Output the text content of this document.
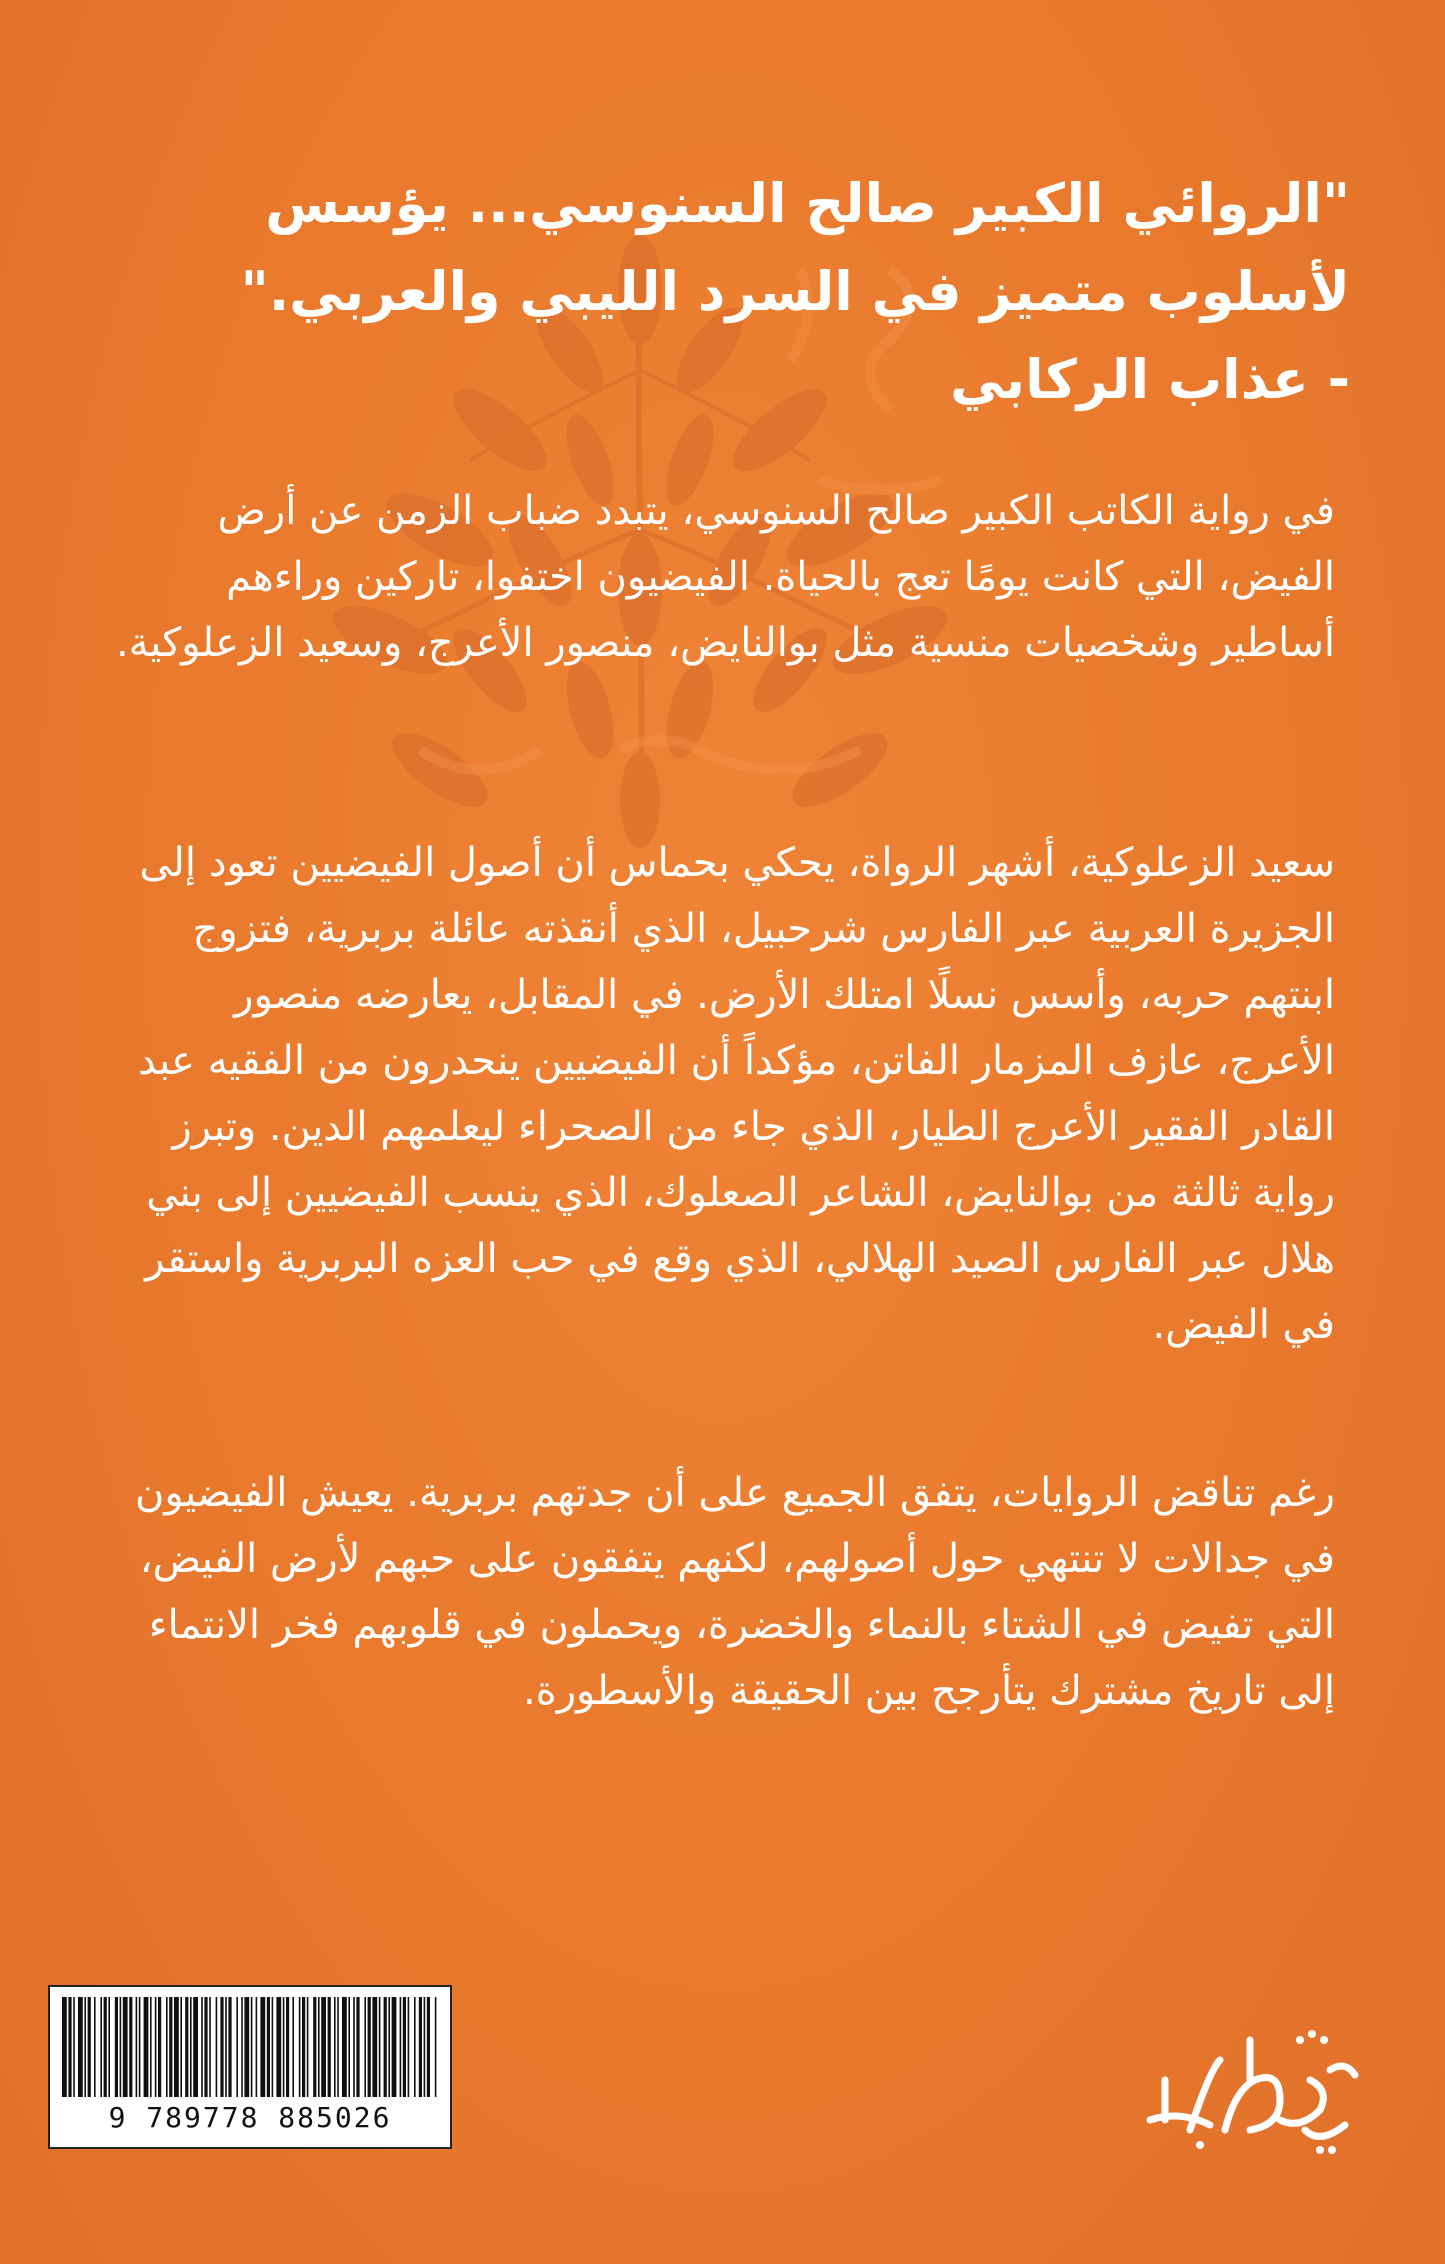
"الروائي الكبير صالح السنوسي... يؤسس لأسلوب متميز في السرد الليبي والعربي." - عذاب الركابي
في رواية الكاتب الكبير صالح السنوسي، يتبدد ضباب الزمن عن أرض الفيض، التي كانت يومًا تعج بالحياة. الفيضيون اختفوا، تاركين وراءهم أساطير وشخصيات منسية مثل بوالنايض، منصور الأعرج، وسعيد الزعلوكية.
سعيد الزعلوكية، أشهر الرواة، يحكي بحماس أن أصول الفيضيين تعود إلى الجزيرة العربية عبر الفارس شرحبيل، الذي أنقذته عائلة بربرية، فتزوج ابنتهم حربه، وأسس نسلًا امتلك الأرض. في المقابل، يعارضه منصور الأعرج، عازف المزمار الفاتن، مؤكداً أن الفيضيين ينحدرون من الفقيه عبد القادر الفقير الأعرج الطيار، الذي جاء من الصحراء ليعلمهم الدين. وتبرز رواية ثالثة من بوالنايض، الشاعر الصعلوك، الذي ينسب الفيضيين إلى بني هلال عبر الفارس الصيد الهلالي، الذي وقع في حب العزه البربرية واستقر في الفيض.
رغم تناقض الروايات، يتفق الجميع على أن جدتهم بربرية. يعيش الفيضيون في جدالات لا تنتهي حول أصولهم، لكنهم يتفقون على حبهم لأرض الفيض، التي تفيض في الشتاء بالنماء والخضرة، ويحملون في قلوبهم فخر الانتماء إلى تاريخ مشترك يتأرجح بين الحقيقة والأسطورة.
9 789778 885026
